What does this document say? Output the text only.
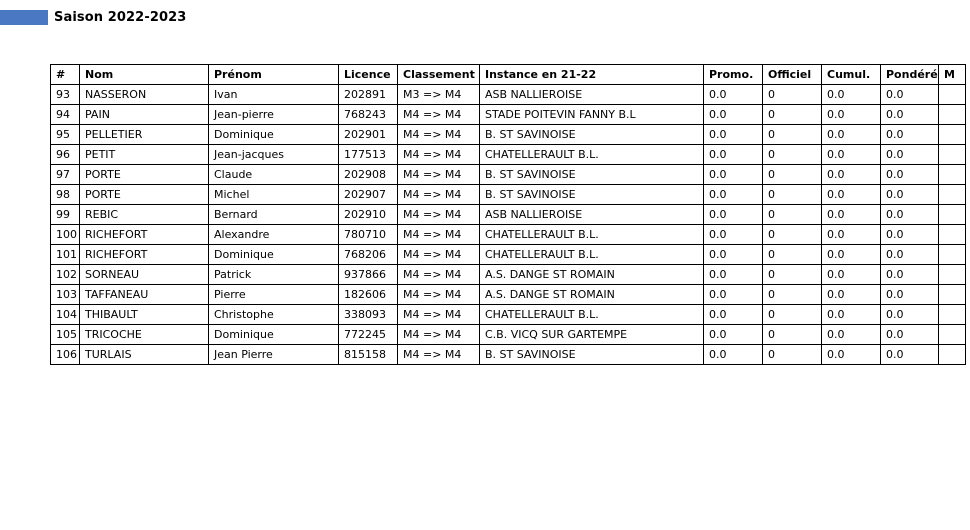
Saison 2022-2023
#	Nom	Prénom	Licence	Classement	Instance en 21-22	Promo.	Officiel	Cumul.	Pondéré	M
93	NASSERON	Ivan	202891	M3 => M4	ASB NALLIEROISE	0.0	0	0.0	0.0	
94	PAIN	Jean-pierre	768243	M4 => M4	STADE POITEVIN FANNY B.L	0.0	0	0.0	0.0	
95	PELLETIER	Dominique	202901	M4 => M4	B. ST SAVINOISE	0.0	0	0.0	0.0	
96	PETIT	Jean-jacques	177513	M4 => M4	CHATELLERAULT B.L.	0.0	0	0.0	0.0	
97	PORTE	Claude	202908	M4 => M4	B. ST SAVINOISE	0.0	0	0.0	0.0	
98	PORTE	Michel	202907	M4 => M4	B. ST SAVINOISE	0.0	0	0.0	0.0	
99	REBIC	Bernard	202910	M4 => M4	ASB NALLIEROISE	0.0	0	0.0	0.0	
100	RICHEFORT	Alexandre	780710	M4 => M4	CHATELLERAULT B.L.	0.0	0	0.0	0.0	
101	RICHEFORT	Dominique	768206	M4 => M4	CHATELLERAULT B.L.	0.0	0	0.0	0.0	
102	SORNEAU	Patrick	937866	M4 => M4	A.S. DANGE ST ROMAIN	0.0	0	0.0	0.0	
103	TAFFANEAU	Pierre	182606	M4 => M4	A.S. DANGE ST ROMAIN	0.0	0	0.0	0.0	
104	THIBAULT	Christophe	338093	M4 => M4	CHATELLERAULT B.L.	0.0	0	0.0	0.0	
105	TRICOCHE	Dominique	772245	M4 => M4	C.B. VICQ SUR GARTEMPE	0.0	0	0.0	0.0	
106	TURLAIS	Jean Pierre	815158	M4 => M4	B. ST SAVINOISE	0.0	0	0.0	0.0	
